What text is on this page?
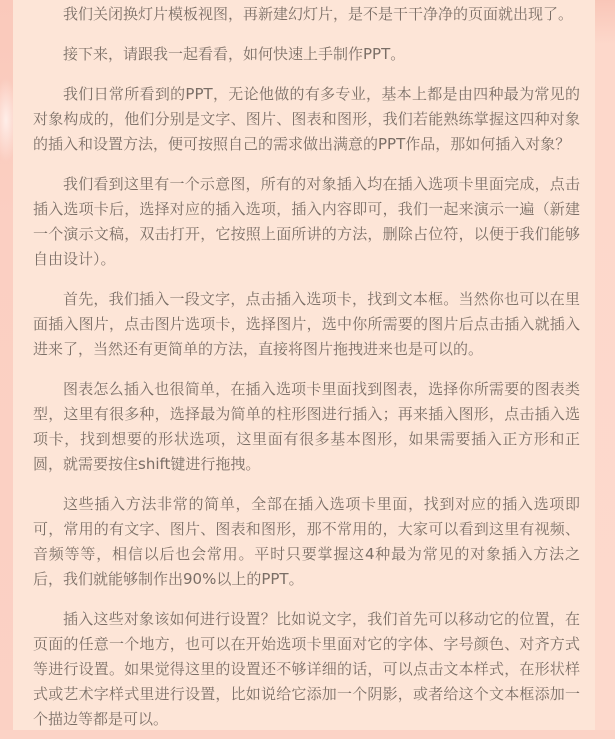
我们关闭换灯片模板视图，再新建幻灯片，是不是干干净净的页面就出现了。

接下来，请跟我一起看看，如何快速上手制作PPT。

我们日常所看到的PPT，无论他做的有多专业，基本上都是由四种最为常见的对象构成的，他们分别是文字、图片、图表和图形，我们若能熟练掌握这四种对象的插入和设置方法，便可按照自己的需求做出满意的PPT作品，那如何插入对象？

我们看到这里有一个示意图，所有的对象插入均在插入选项卡里面完成，点击插入选项卡后，选择对应的插入选项，插入内容即可，我们一起来演示一遍（新建一个演示文稿，双击打开，它按照上面所讲的方法，删除占位符，以便于我们能够自由设计）。

首先，我们插入一段文字，点击插入选项卡，找到文本框。当然你也可以在里面插入图片，点击图片选项卡，选择图片，选中你所需要的图片后点击插入就插入进来了，当然还有更简单的方法，直接将图片拖拽进来也是可以的。

图表怎么插入也很简单，在插入选项卡里面找到图表，选择你所需要的图表类型，这里有很多种，选择最为简单的柱形图进行插入；再来插入图形，点击插入选项卡，找到想要的形状选项，这里面有很多基本图形，如果需要插入正方形和正圆，就需要按住shift键进行拖拽。

这些插入方法非常的简单，全部在插入选项卡里面，找到对应的插入选项即可，常用的有文字、图片、图表和图形，那不常用的，大家可以看到这里有视频、音频等等，相信以后也会常用。平时只要掌握这4种最为常见的对象插入方法之后，我们就能够制作出90%以上的PPT。

插入这些对象该如何进行设置？比如说文字，我们首先可以移动它的位置，在页面的任意一个地方，也可以在开始选项卡里面对它的字体、字号颜色、对齐方式等进行设置。如果觉得这里的设置还不够详细的话，可以点击文本样式，在形状样式或艺术字样式里进行设置，比如说给它添加一个阴影，或者给这个文本框添加一个描边等都是可以。
